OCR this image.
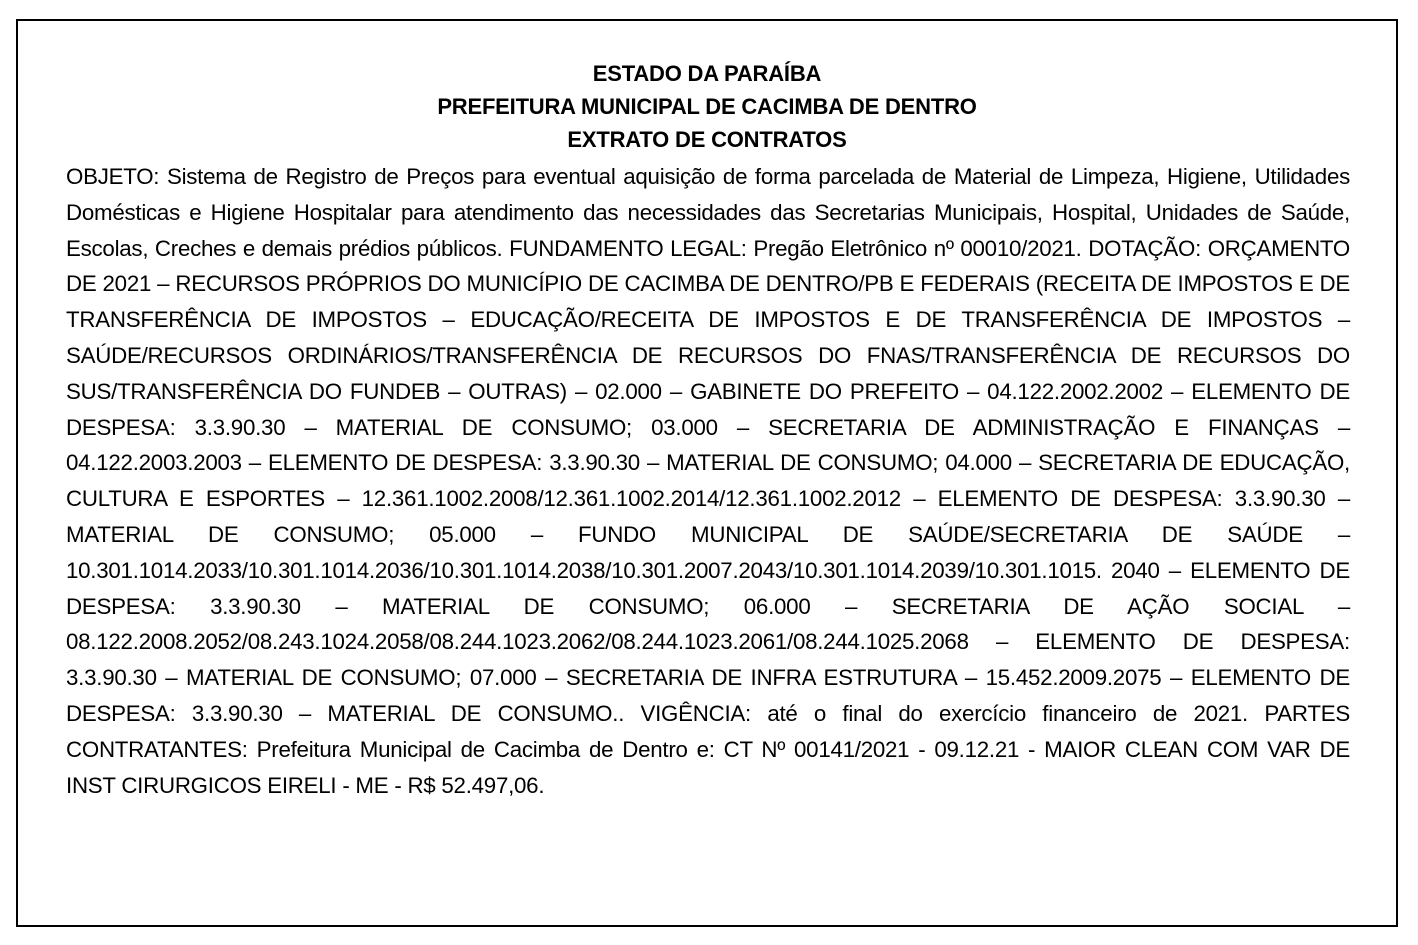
ESTADO DA PARAÍBA
PREFEITURA MUNICIPAL DE CACIMBA DE DENTRO
EXTRATO DE CONTRATOS
OBJETO: Sistema de Registro de Preços para eventual aquisição de forma parcelada de Material de Limpeza, Higiene, Utilidades Domésticas e Higiene Hospitalar para atendimento das necessidades das Secretarias Municipais, Hospital, Unidades de Saúde, Escolas, Creches e demais prédios públicos. FUNDAMENTO LEGAL: Pregão Eletrônico nº 00010/2021. DOTAÇÃO: ORÇAMENTO DE 2021 – RECURSOS PRÓPRIOS DO MUNICÍPIO DE CACIMBA DE DENTRO/PB E FEDERAIS (RECEITA DE IMPOSTOS E DE TRANSFERÊNCIA DE IMPOSTOS – EDUCAÇÃO/RECEITA DE IMPOSTOS E DE TRANSFERÊNCIA DE IMPOSTOS – SAÚDE/RECURSOS ORDINÁRIOS/TRANSFERÊNCIA DE RECURSOS DO FNAS/TRANSFERÊNCIA DE RECURSOS DO SUS/TRANSFERÊNCIA DO FUNDEB – OUTRAS) – 02.000 – GABINETE DO PREFEITO – 04.122.2002.2002 – ELEMENTO DE DESPESA: 3.3.90.30 – MATERIAL DE CONSUMO; 03.000 – SECRETARIA DE ADMINISTRAÇÃO E FINANÇAS – 04.122.2003.2003 – ELEMENTO DE DESPESA: 3.3.90.30 – MATERIAL DE CONSUMO; 04.000 – SECRETARIA DE EDUCAÇÃO, CULTURA E ESPORTES – 12.361.1002.2008/12.361.1002.2014/12.361.1002.2012 – ELEMENTO DE DESPESA: 3.3.90.30 – MATERIAL DE CONSUMO; 05.000 – FUNDO MUNICIPAL DE SAÚDE/SECRETARIA DE SAÚDE – 10.301.1014.2033/10.301.1014.2036/10.301.1014.2038/10.301.2007.2043/10.301.1014.2039/10.301.1015. 2040 – ELEMENTO DE DESPESA: 3.3.90.30 – MATERIAL DE CONSUMO; 06.000 – SECRETARIA DE AÇÃO SOCIAL – 08.122.2008.2052/08.243.1024.2058/08.244.1023.2062/08.244.1023.2061/08.244.1025.2068 – ELEMENTO DE DESPESA: 3.3.90.30 – MATERIAL DE CONSUMO; 07.000 – SECRETARIA DE INFRA ESTRUTURA – 15.452.2009.2075 – ELEMENTO DE DESPESA: 3.3.90.30 – MATERIAL DE CONSUMO.. VIGÊNCIA: até o final do exercício financeiro de 2021. PARTES CONTRATANTES: Prefeitura Municipal de Cacimba de Dentro e: CT Nº 00141/2021 - 09.12.21 - MAIOR CLEAN COM VAR DE INST CIRURGICOS EIRELI - ME - R$ 52.497,06.
